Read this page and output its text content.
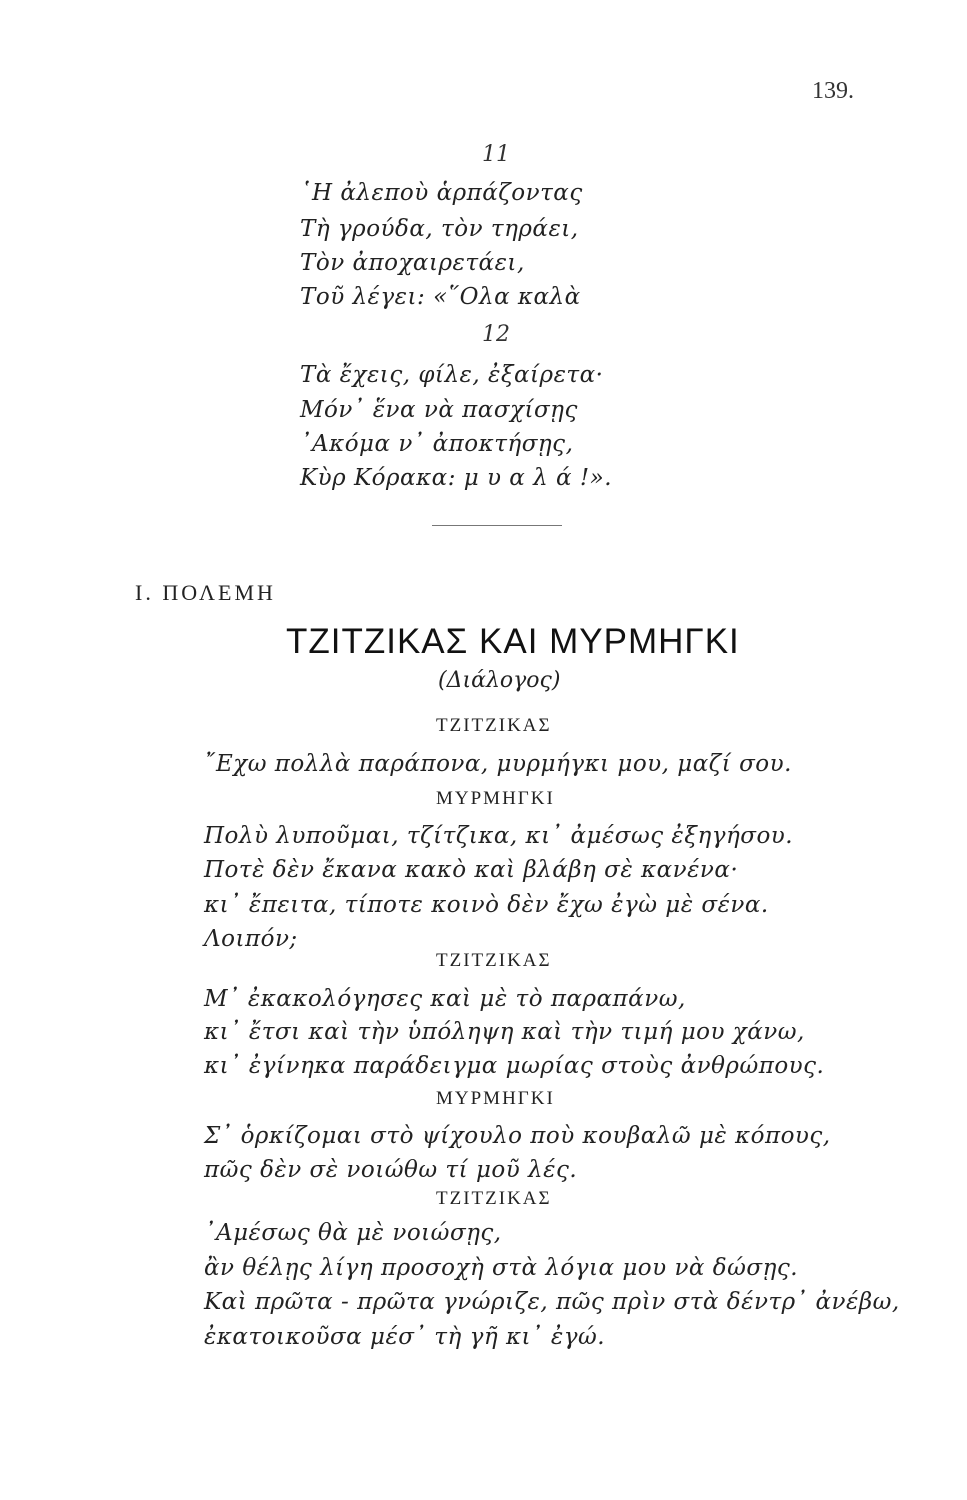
139.
11
῾Η ἀλεποὺ ἁρπάζοντας
Τὴ γρούδα, τὸν τηράει,
Τὸν ἀποχαιρετάει,
Τοῦ λέγει: «῞Ολα καλὰ
12
Τὰ ἔχεις, φίλε, ἐξαίρετα·
Μόν᾽ ἕνα νὰ πασχίσῃς
᾽Ακόμα ν᾽ ἀποκτήσῃς,
Κὺρ Κόρακα: μ υ α λ ά !».
Ι. ΠΟΛΕΜΗ
ΤΖΙΤΖΙΚΑΣ ΚΑΙ ΜΥΡΜΗΓΚΙ
(Διάλογος)
ΤΖΙΤΖΙΚΑΣ
῎Εχω πολλὰ παράπονα, μυρμήγκι μου, μαζί σου.
ΜΥΡΜΗΓΚΙ
Πολὺ λυποῦμαι, τζίτζικα, κι᾽ ἀμέσως ἐξηγήσου.
Ποτὲ δὲν ἔκανα κακὸ καὶ βλάβη σὲ κανένα·
κι᾽ ἔπειτα, τίποτε κοινὸ δὲν ἔχω ἐγὼ μὲ σένα.
Λοιπόν;
ΤΖΙΤΖΙΚΑΣ
Μ᾽ ἐκακολόγησες καὶ μὲ τὸ παραπάνω,
κι᾽ ἔτσι καὶ τὴν ὑπόληψη καὶ τὴν τιμή μου χάνω,
κι᾽ ἐγίνηκα παράδειγμα μωρίας στοὺς ἀνθρώπους.
ΜΥΡΜΗΓΚΙ
Σ᾽ ὁρκίζομαι στὸ ψίχουλο ποὺ κουβαλῶ μὲ κόπους,
πῶς δὲν σὲ νοιώθω τί μοῦ λές.
ΤΖΙΤΖΙΚΑΣ
᾽Αμέσως θὰ μὲ νοιώσῃς,
ἂν θέλῃς λίγη προσοχὴ στὰ λόγια μου νὰ δώσῃς.
Καὶ πρῶτα - πρῶτα γνώριζε, πῶς πρὶν στὰ δέντρ᾽ ἀνέβω,
ἐκατοικοῦσα μέσ᾽ τὴ γῆ κι᾽ ἐγώ.
